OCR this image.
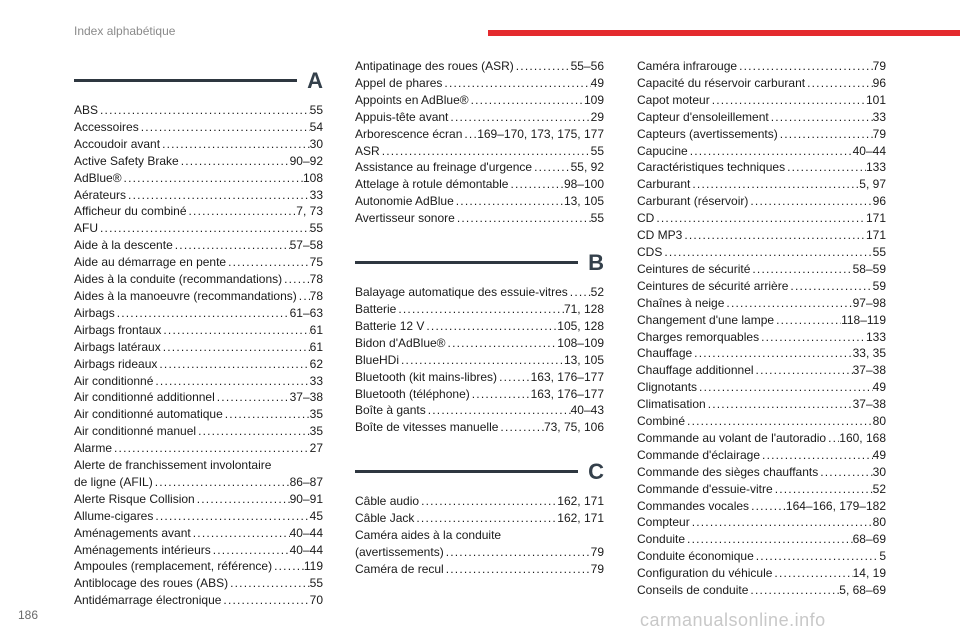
Index alphabétique
A
ABS .....	55
Accessoires .....	54
Accoudoir avant .....	30
Active Safety Brake .....	90–92
AdBlue® .....	108
Aérateurs .....	33
Afficheur du combiné .....	7, 73
AFU .....	55
Aide à la descente .....	57–58
Aide au démarrage en pente .....	75
Aides à la conduite (recommandations) ..... 78
Aides à la manoeuvre (recommandations) ..... 78
Airbags .....	61–63
Airbags frontaux .....	61
Airbags latéraux .....	61
Airbags rideaux .....	62
Air conditionné .....	33
Air conditionné additionnel .....	37–38
Air conditionné automatique .....	35
Air conditionné manuel .....	35
Alarme .....	27
Alerte de franchissement involontaire
de ligne (AFIL) .....	86–87
Alerte Risque Collision .....	90–91
Allume-cigares .....	45
Aménagements avant .....	40–44
Aménagements intérieurs .....	40–44
Ampoules (remplacement, référence) .....	119
Antiblocage des roues (ABS) .....	55
Antidémarrage électronique .....	70
Antipatinage des roues (ASR) .....	55–56
Appel de phares .....	49
Appoints en AdBlue® .....	109
Appuis-tête avant .....	29
Arborescence écran ..... 169–170, 173, 175, 177
ASR .....	55
Assistance au freinage d'urgence .....	55, 92
Attelage à rotule démontable .....	98–100
Autonomie AdBlue .....	13, 105
Avertisseur sonore .....	55
B
Balayage automatique des essuie-vitres ..... 52
Batterie .....	71, 128
Batterie 12 V .....	105, 128
Bidon d'AdBlue® .....	108–109
BlueHDi .....	13, 105
Bluetooth (kit mains-libres) .....	163, 176–177
Bluetooth (téléphone) .....	163, 176–177
Boîte à gants .....	40–43
Boîte de vitesses manuelle .....	73, 75, 106
C
Câble audio .....	162, 171
Câble Jack .....	162, 171
Caméra aides à la conduite
(avertissements) .....	79
Caméra de recul .....	79
Caméra infrarouge .....	79
Capacité du réservoir carburant .....	96
Capot moteur .....	101
Capteur d'ensoleillement .....	33
Capteurs (avertissements) .....	79
Capucine .....	40–44
Caractéristiques techniques .....	133
Carburant .....	5, 97
Carburant (réservoir) .....	96
CD .....	171
CD MP3 .....	171
CDS .....	55
Ceintures de sécurité .....	58–59
Ceintures de sécurité arrière .....	59
Chaînes à neige .....	97–98
Changement d'une lampe .....	118–119
Charges remorquables .....	133
Chauffage .....	33, 35
Chauffage additionnel .....	37–38
Clignotants .....	49
Climatisation .....	37–38
Combiné .....	80
Commande au volant de l'autoradio ..... 160, 168
Commande d'éclairage .....	49
Commande des sièges chauffants .....	30
Commande d'essuie-vitre .....	52
Commandes vocales .....	164–166, 179–182
Compteur .....	80
Conduite .....	68–69
Conduite économique .....	5
Configuration du véhicule .....	14, 19
Conseils de conduite .....	5, 68–69
186	carmanualsonline.info
